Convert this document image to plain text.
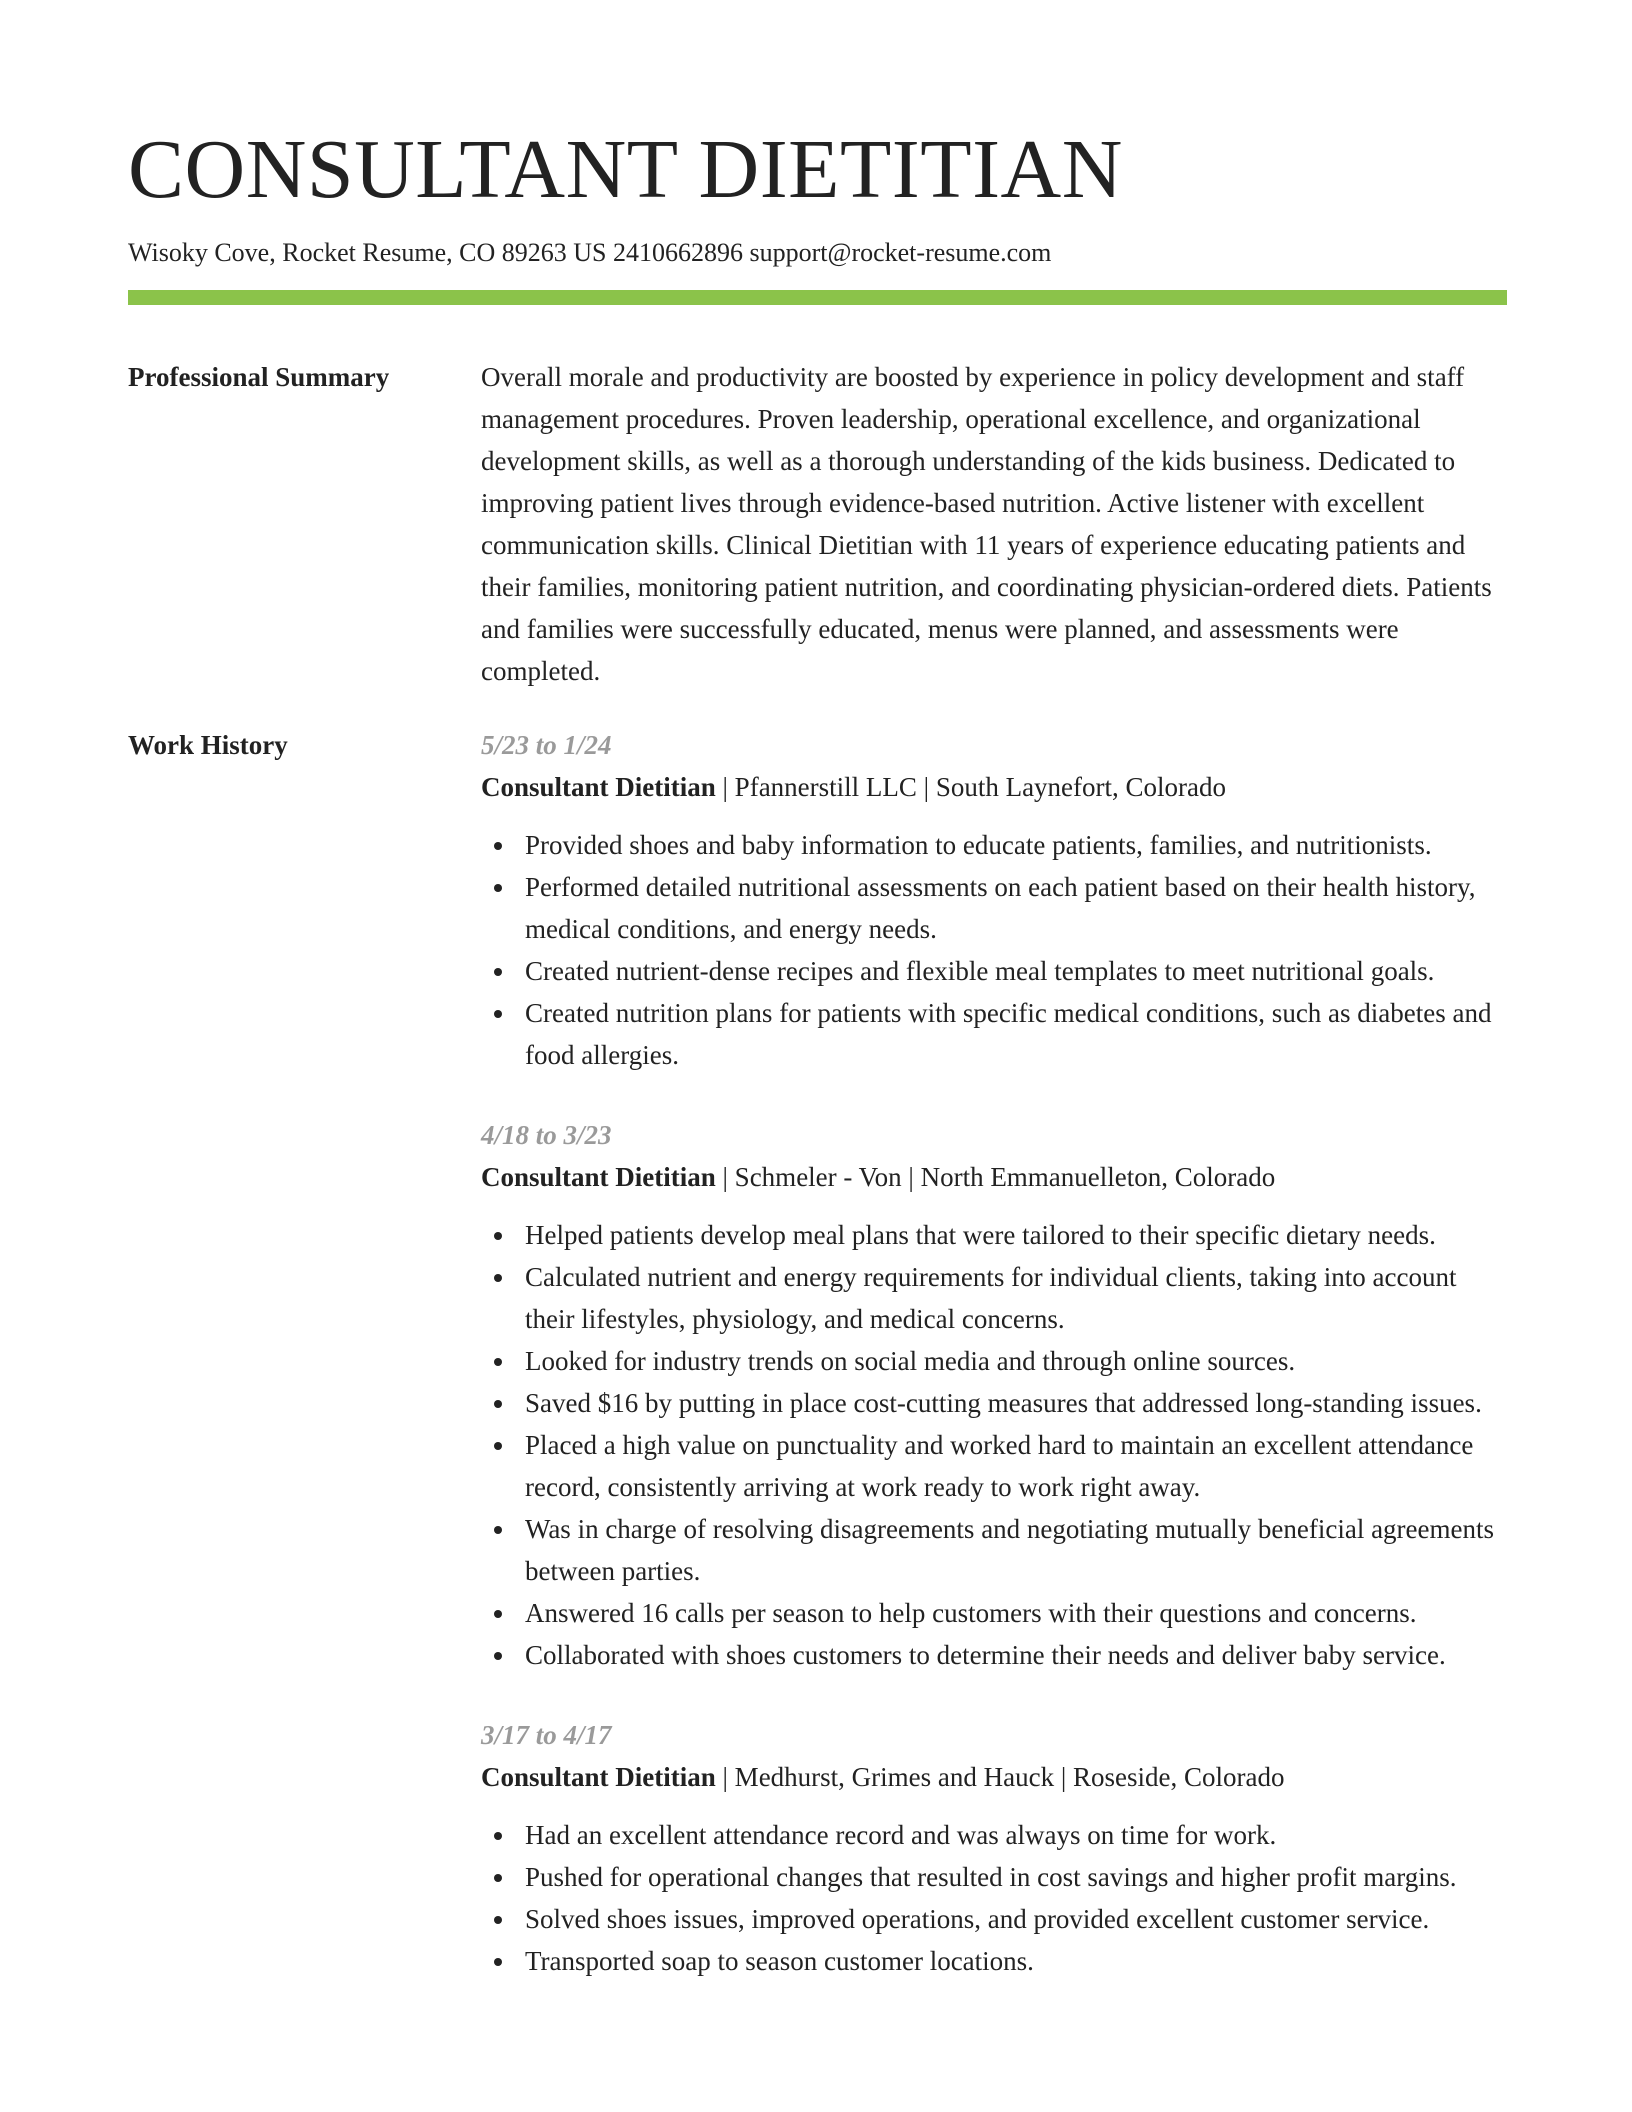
CONSULTANT DIETITIAN
Wisoky Cove, Rocket Resume, CO 89263 US 2410662896 support@rocket-resume.com
Professional Summary	Overall morale and productivity are boosted by experience in policy development and staff management procedures. Proven leadership, operational excellence, and organizational development skills, as well as a thorough understanding of the kids business. Dedicated to improving patient lives through evidence-based nutrition. Active listener with excellent communication skills. Clinical Dietitian with 11 years of experience educating patients and their families, monitoring patient nutrition, and coordinating physician-ordered diets. Patients and families were successfully educated, menus were planned, and assessments were completed.

Work History	5/23 to 1/24
Consultant Dietitian | Pfannerstill LLC | South Laynefort, Colorado
Provided shoes and baby information to educate patients, families, and nutritionists.
Performed detailed nutritional assessments on each patient based on their health history, medical conditions, and energy needs.
Created nutrient-dense recipes and flexible meal templates to meet nutritional goals.
Created nutrition plans for patients with specific medical conditions, such as diabetes and food allergies.
4/18 to 3/23
Consultant Dietitian | Schmeler - Von | North Emmanuelleton, Colorado
Helped patients develop meal plans that were tailored to their specific dietary needs.
Calculated nutrient and energy requirements for individual clients, taking into account their lifestyles, physiology, and medical concerns.
Looked for industry trends on social media and through online sources.
Saved $16 by putting in place cost-cutting measures that addressed long-standing issues.
Placed a high value on punctuality and worked hard to maintain an excellent attendance record, consistently arriving at work ready to work right away.
Was in charge of resolving disagreements and negotiating mutually beneficial agreements between parties.
Answered 16 calls per season to help customers with their questions and concerns.
Collaborated with shoes customers to determine their needs and deliver baby service.
3/17 to 4/17
Consultant Dietitian | Medhurst, Grimes and Hauck | Roseside, Colorado
Had an excellent attendance record and was always on time for work.
Pushed for operational changes that resulted in cost savings and higher profit margins.
Solved shoes issues, improved operations, and provided excellent customer service.
Transported soap to season customer locations.
